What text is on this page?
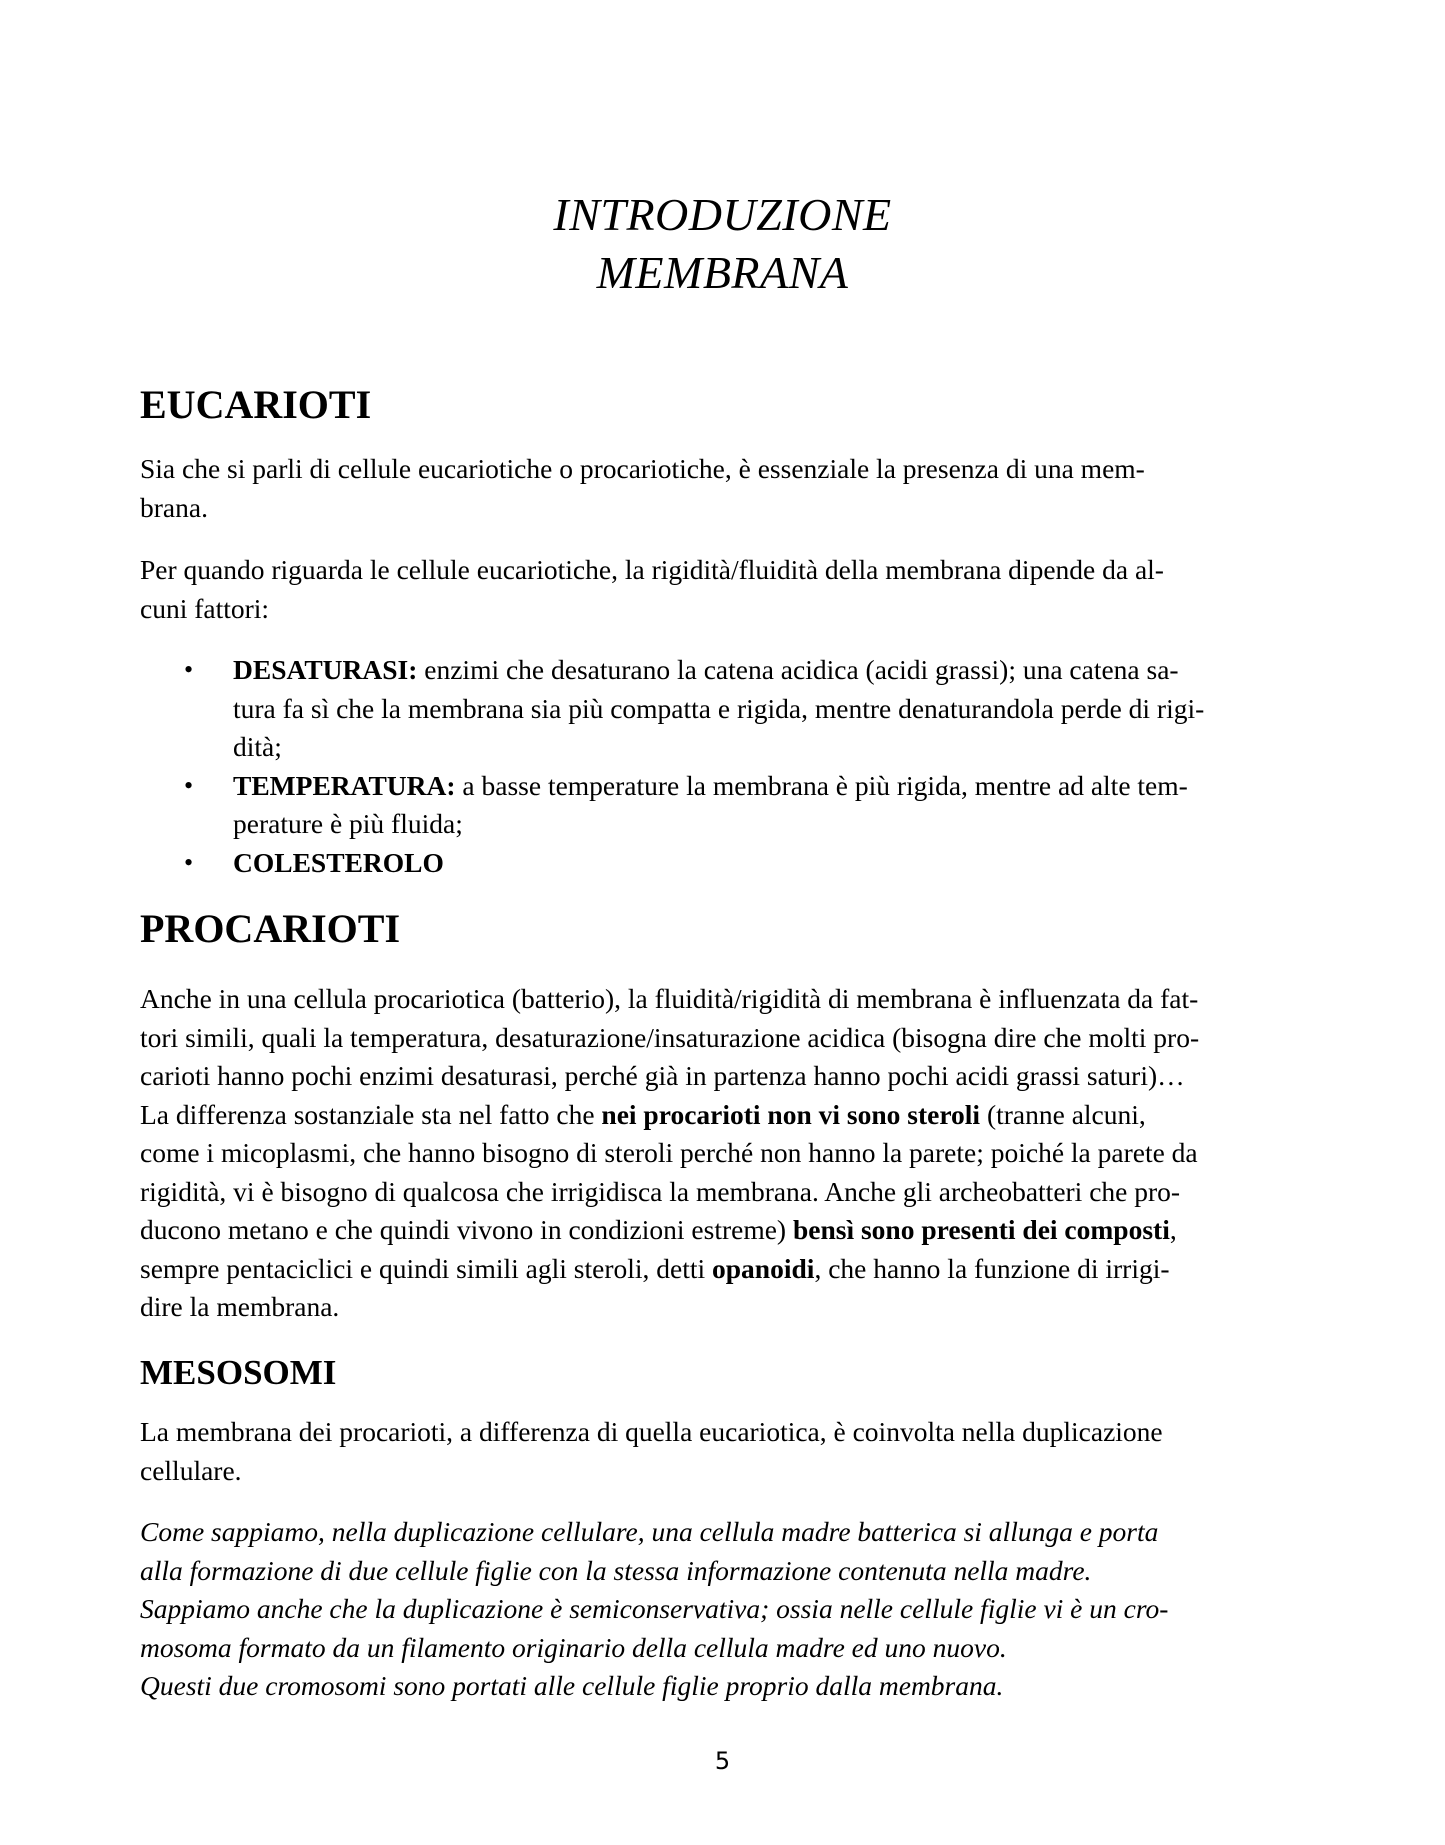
INTRODUZIONE
MEMBRANA
EUCARIOTI

Sia che si parli di cellule eucariotiche o procariotiche, è essenziale la presenza di una mem-
brana.

Per quando riguarda le cellule eucariotiche, la rigidità/fluidità della membrana dipende da al-
cuni fattori:

• DESATURASI: enzimi che desaturano la catena acidica (acidi grassi); una catena sa-
tura fa sì che la membrana sia più compatta e rigida, mentre denaturandola perde di rigi-
dità;
• TEMPERATURA: a basse temperature la membrana è più rigida, mentre ad alte tem-
perature è più fluida;
• COLESTEROLO
PROCARIOTI

Anche in una cellula procariotica (batterio), la fluidità/rigidità di membrana è influenzata da fat-
tori simili, quali la temperatura, desaturazione/insaturazione acidica (bisogna dire che molti pro-
carioti hanno pochi enzimi desaturasi, perché già in partenza hanno pochi acidi grassi saturi)…
La differenza sostanziale sta nel fatto che nei procarioti non vi sono steroli (tranne alcuni,
come i micoplasmi, che hanno bisogno di steroli perché non hanno la parete; poiché la parete da
rigidità, vi è bisogno di qualcosa che irrigidisca la membrana. Anche gli archeobatteri che pro-
ducono metano e che quindi vivono in condizioni estreme) bensì sono presenti dei composti,
sempre pentaciclici e quindi simili agli steroli, detti opanoidi, che hanno la funzione di irrigi-
dire la membrana.

MESOSOMI

La membrana dei procarioti, a differenza di quella eucariotica, è coinvolta nella duplicazione
cellulare.

Come sappiamo, nella duplicazione cellulare, una cellula madre batterica si allunga e porta
alla formazione di due cellule figlie con la stessa informazione contenuta nella madre.
Sappiamo anche che la duplicazione è semiconservativa; ossia nelle cellule figlie vi è un cro-
mosoma formato da un filamento originario della cellula madre ed uno nuovo.
Questi due cromosomi sono portati alle cellule figlie proprio dalla membrana.

5
